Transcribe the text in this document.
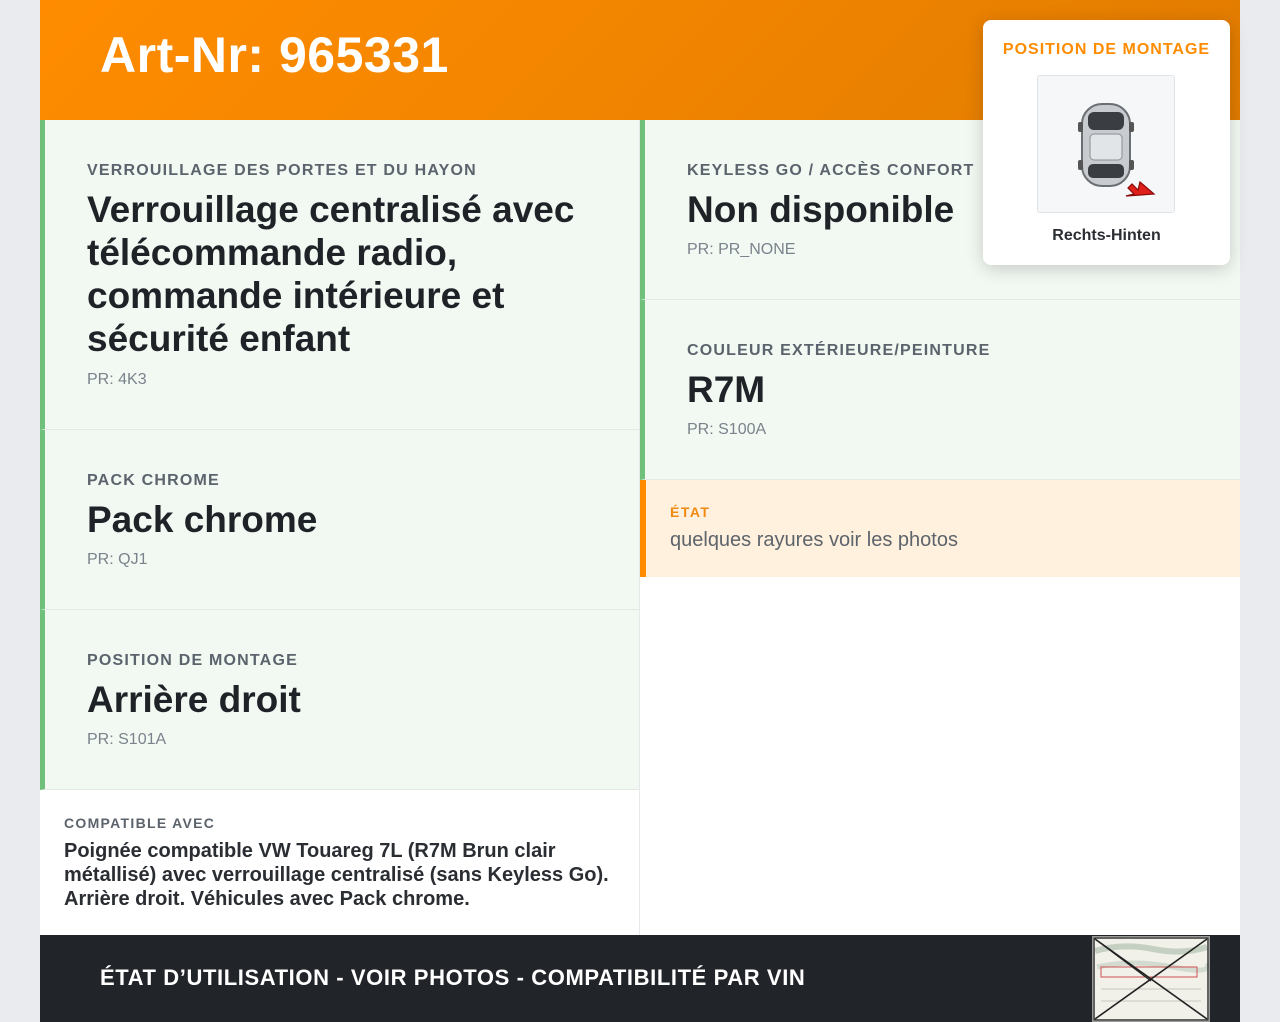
Art-Nr: 965331
VERROUILLAGE DES PORTES ET DU HAYON
Verrouillage centralisé avec télécommande radio, commande intérieure et sécurité enfant
PR: 4K3
PACK CHROME
Pack chrome
PR: QJ1
POSITION DE MONTAGE
Arrière droit
PR: S101A
COMPATIBLE AVEC
Poignée compatible VW Touareg 7L (R7M Brun clair métallisé) avec verrouillage centralisé (sans Keyless Go). Arrière droit. Véhicules avec Pack chrome.
KEYLESS GO / ACCÈS CONFORT
Non disponible
PR: PR_NONE
COULEUR EXTÉRIEURE/PEINTURE
R7M
PR: S100A
ÉTAT
quelques rayures voir les photos
ÉTAT D’UTILISATION - VOIR PHOTOS - COMPATIBILITÉ PAR VIN
POSITION DE MONTAGE
Rechts-Hinten
